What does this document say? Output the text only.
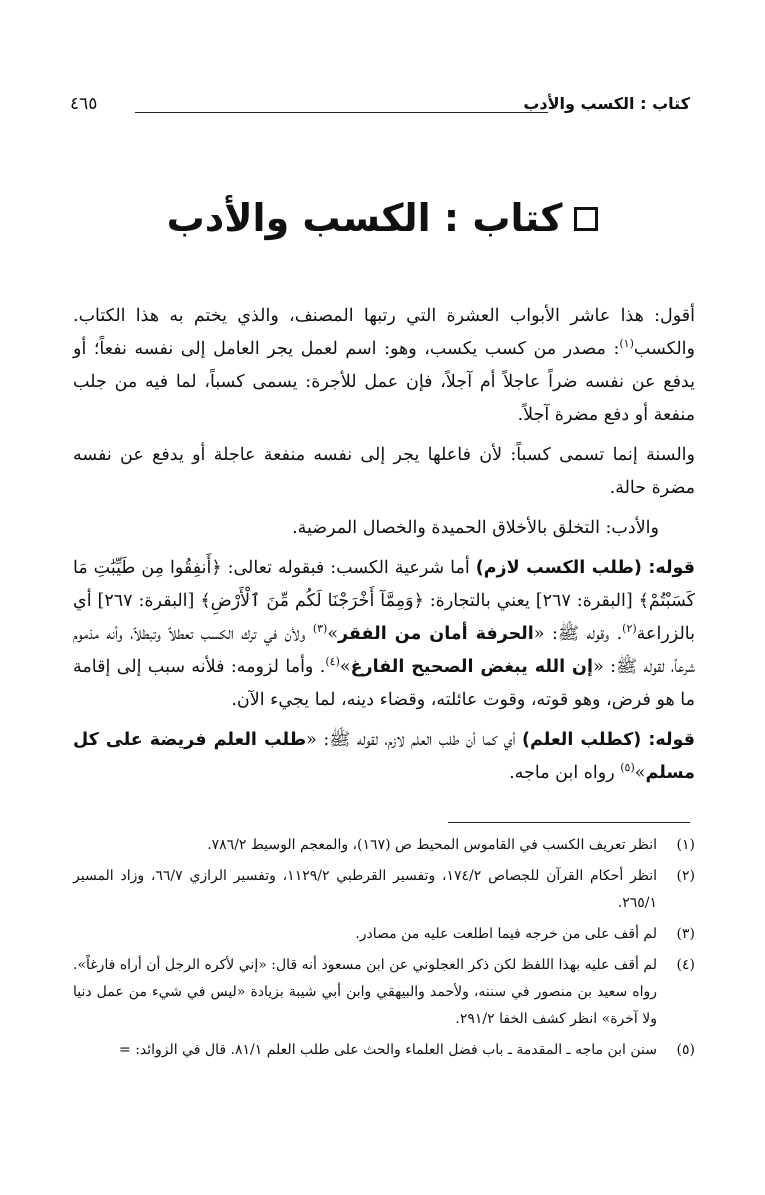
كتاب : الكسب والأدب
٤٦٥
كتاب : الكسب والأدب

أقول: هذا عاشر الأبواب العشرة التي رتبها المصنف، والذي يختم به هذا الكتاب. والكسب$^{(١)}$: مصدر من كسب يكسب، وهو: اسم لعمل يجر العامل إلى نفسه نفعاً؛ أو يدفع عن نفسه ضراً عاجلاً أم آجلاً، فإن عمل للأجرة: يسمى كسباً، لما فيه من جلب منفعة أو دفع مضرة آجلاً.

والسنة إنما تسمى كسباً: لأن فاعلها يجر إلى نفسه منفعة عاجلة أو يدفع عن نفسه مضرة حالة.

والأدب: التخلق بالأخلاق الحميدة والخصال المرضية.

قوله: (طلب الكسب لازم) أما شرعية الكسب: فبقوله تعالى: ﴿أَنفِقُوا مِن طَيِّبَٰتِ مَا كَسَبْتُمْ﴾ [البقرة: ٢٦٧] يعني بالتجارة: ﴿وَمِمَّآ أَخْرَجْنَا لَكُم مِّنَ ٱلْأَرْضِ﴾ [البقرة: ٢٦٧] أي بالزراعة$^{(٢)}$. وقوله ﷺ: «الحرفة أمان من الفقر»$^{(٣)}$ ولأن في ترك الكسب تعطلاً وتبطلاً، وأنه مذموم شرعاً، لقوله ﷺ: «إن الله يبغض الصحيح الفارغ»$^{(٤)}$. وأما لزومه: فلأنه سبب إلى إقامة ما هو فرض، وهو قوته، وقوت عائلته، وقضاء دينه، لما يجيء الآن.

قوله: (كطلب العلم) أي كما أن طلب العلم لازم، لقوله ﷺ: «طلب العلم فريضة على كل مسلم»$^{(٥)}$ رواه ابن ماجه.

(١)
انظر تعريف الكسب في القاموس المحيط ص (١٦٧)، والمعجم الوسيط ٧٨٦/٢.
(٢)
انظر أحكام القرآن للجصاص ١٧٤/٢، وتفسير القرطبي ١١٢٩/٢، وتفسير الرازي ٦٦/٧، وزاد المسير ٢٦٥/١.
(٣)
لم أقف على من خرجه فيما اطلعت عليه من مصادر.
(٤)
لم أقف عليه بهذا اللفظ لكن ذكر العجلوني عن ابن مسعود أنه قال: «إني لأكره الرجل أن أراه فارغاً». رواه سعيد بن منصور في سننه، ولأحمد والبيهقي وابن أبي شيبة بزيادة «ليس في شيء من عمل دنيا ولا آخرة» انظر كشف الخفا ٢٩١/٢.
(٥)
سنن ابن ماجه ـ المقدمة ـ باب فضل العلماء والحث على طلب العلم ٨١/١. قال في الزوائد: =
